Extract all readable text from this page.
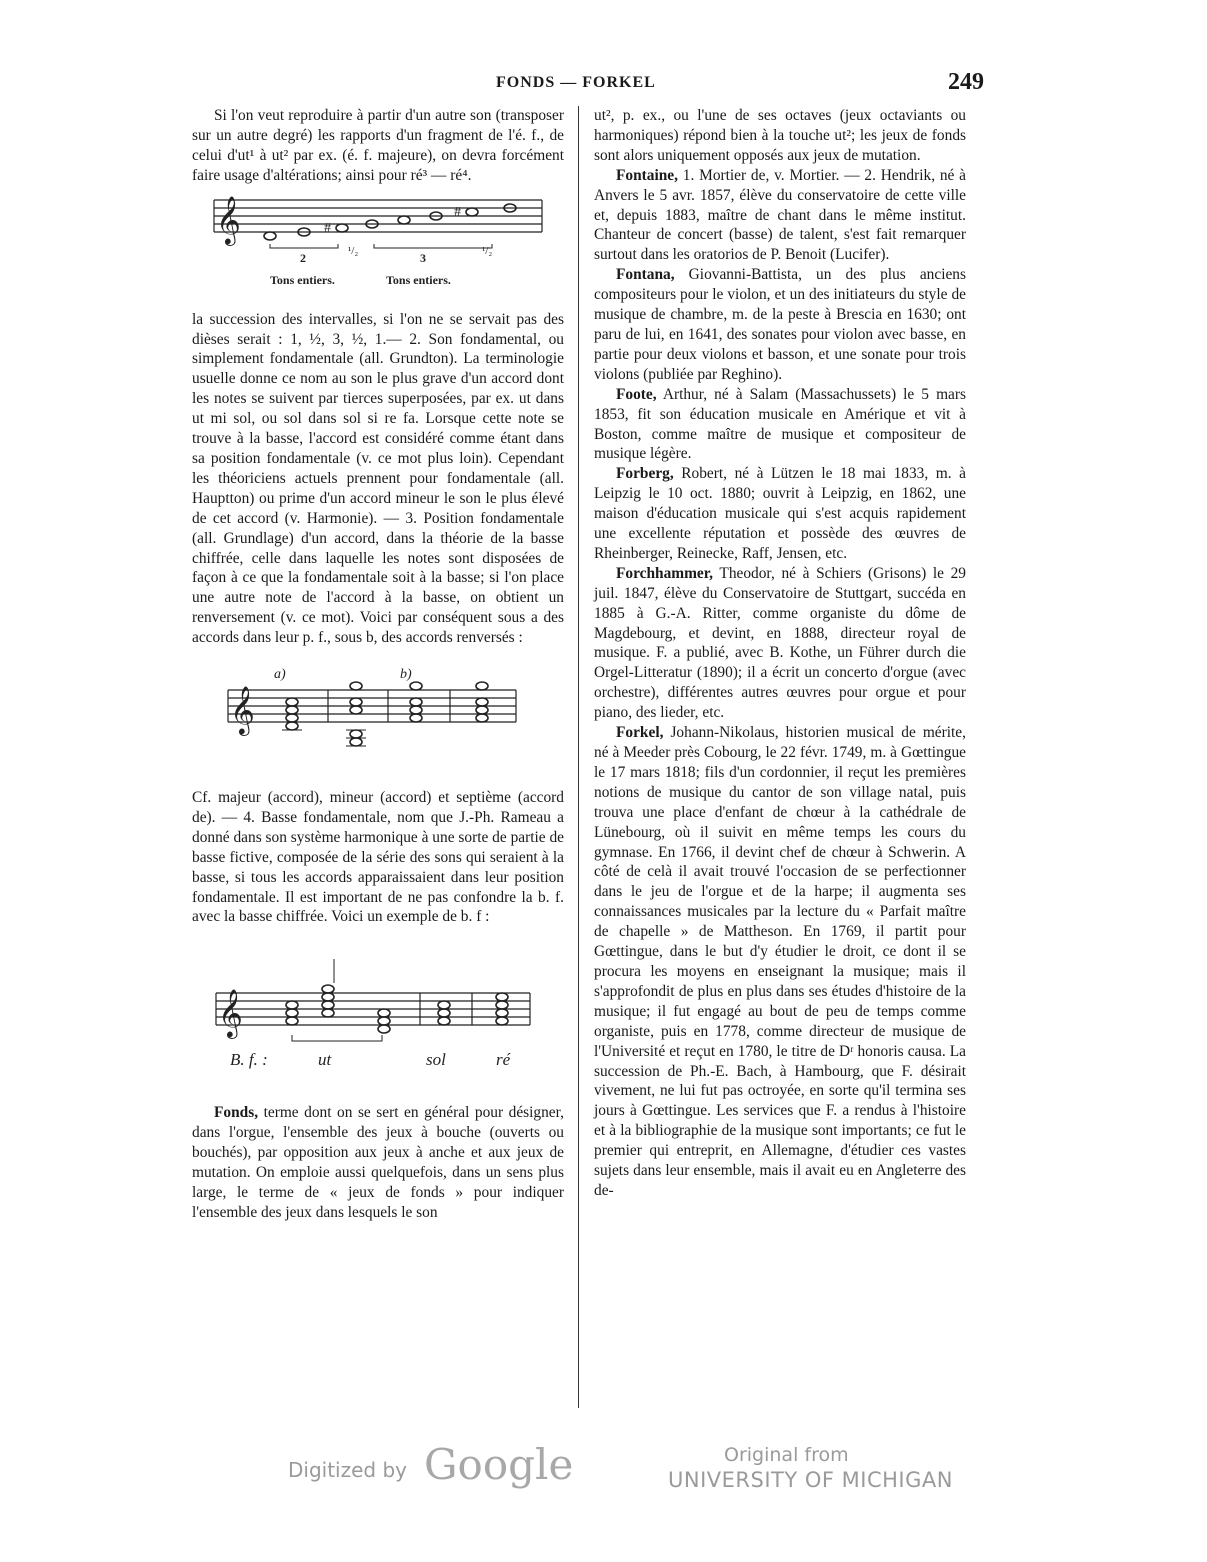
FONDS — FORKEL	249

Si l'on veut reproduire à partir d'un autre son (transposer sur un autre degré) les rapports d'un fragment de l'é. f., de celui d'ut¹ à ut² par ex. (é. f. majeure), on devra forcément faire usage d'altérations; ainsi pour ré³ — ré⁴.

𝄞	#
#
2	¹/₂	3	¹/₂
Tons entiers.	Tons entiers.

la succession des intervalles, si l'on ne se servait pas des dièses serait : 1, ½, 3, ½, 1.— 2. Son fondamental, ou simplement fondamentale (all. Grundton). La terminologie usuelle donne ce nom au son le plus grave d'un accord dont les notes se suivent par tierces superposées, par ex. ut dans ut mi sol, ou sol dans sol si re fa. Lorsque cette note se trouve à la basse, l'accord est considéré comme étant dans sa position fondamentale (v. ce mot plus loin). Cependant les théoriciens actuels prennent pour fondamentale (all. Hauptton) ou prime d'un accord mineur le son le plus élevé de cet accord (v. Harmonie). — 3. Position fondamentale (all. Grundlage) d'un accord, dans la théorie de la basse chiffrée, celle dans laquelle les notes sont disposées de façon à ce que la fondamentale soit à la basse; si l'on place une autre note de l'accord à la basse, on obtient un renversement (v. ce mot). Voici par conséquent sous a des accords dans leur p. f., sous b, des accords renversés :

a)	b)
𝄞

Cf. majeur (accord), mineur (accord) et septième (accord de). — 4. Basse fondamentale, nom que J.-Ph. Rameau a donné dans son système harmonique à une sorte de partie de basse fictive, composée de la série des sons qui seraient à la basse, si tous les accords apparaissaient dans leur position fondamentale. Il est important de ne pas confondre la b. f. avec la basse chiffrée. Voici un exemple de b. f :

𝄞
B. f. :	ut	sol	ré

Fonds, terme dont on se sert en général pour désigner, dans l'orgue, l'ensemble des jeux à bouche (ouverts ou bouchés), par opposition aux jeux à anche et aux jeux de mutation. On emploie aussi quelquefois, dans un sens plus large, le terme de « jeux de fonds » pour indiquer l'ensemble des jeux dans lesquels le son

ut², p. ex., ou l'une de ses octaves (jeux octaviants ou harmoniques) répond bien à la touche ut²; les jeux de fonds sont alors uniquement opposés aux jeux de mutation.

Fontaine, 1. Mortier de, v. Mortier. — 2. Hendrik, né à Anvers le 5 avr. 1857, élève du conservatoire de cette ville et, depuis 1883, maître de chant dans le même institut. Chanteur de concert (basse) de talent, s'est fait remarquer surtout dans les oratorios de P. Benoit (Lucifer).

Fontana, Giovanni-Battista, un des plus anciens compositeurs pour le violon, et un des initiateurs du style de musique de chambre, m. de la peste à Brescia en 1630; ont paru de lui, en 1641, des sonates pour violon avec basse, en partie pour deux violons et basson, et une sonate pour trois violons (publiée par Reghino).

Foote, Arthur, né à Salam (Massachussets) le 5 mars 1853, fit son éducation musicale en Amérique et vit à Boston, comme maître de musique et compositeur de musique légère.

Forberg, Robert, né à Lützen le 18 mai 1833, m. à Leipzig le 10 oct. 1880; ouvrit à Leipzig, en 1862, une maison d'éducation musicale qui s'est acquis rapidement une excellente réputation et possède des œuvres de Rheinberger, Reinecke, Raff, Jensen, etc.

Forchhammer, Theodor, né à Schiers (Grisons) le 29 juil. 1847, élève du Conservatoire de Stuttgart, succéda en 1885 à G.-A. Ritter, comme organiste du dôme de Magdebourg, et devint, en 1888, directeur royal de musique. F. a publié, avec B. Kothe, un Führer durch die Orgel-Litteratur (1890); il a écrit un concerto d'orgue (avec orchestre), différentes autres œuvres pour orgue et pour piano, des lieder, etc.

Forkel, Johann-Nikolaus, historien musical de mérite, né à Meeder près Cobourg, le 22 févr. 1749, m. à Gœttingue le 17 mars 1818; fils d'un cordonnier, il reçut les premières notions de musique du cantor de son village natal, puis trouva une place d'enfant de chœur à la cathédrale de Lünebourg, où il suivit en même temps les cours du gymnase. En 1766, il devint chef de chœur à Schwerin. A côté de celà il avait trouvé l'occasion de se perfectionner dans le jeu de l'orgue et de la harpe; il augmenta ses connaissances musicales par la lecture du « Parfait maître de chapelle » de Mattheson. En 1769, il partit pour Gœttingue, dans le but d'y étudier le droit, ce dont il se procura les moyens en enseignant la musique; mais il s'approfondit de plus en plus dans ses études d'histoire de la musique; il fut engagé au bout de peu de temps comme organiste, puis en 1778, comme directeur de musique de l'Université et reçut en 1780, le titre de Dʳ honoris causa. La succession de Ph.-E. Bach, à Hambourg, que F. désirait vivement, ne lui fut pas octroyée, en sorte qu'il termina ses jours à Gœttingue. Les services que F. a rendus à l'histoire et à la bibliographie de la musique sont importants; ce fut le premier qui entreprit, en Allemagne, d'étudier ces vastes sujets dans leur ensemble, mais il avait eu en Angleterre des de-

Digitized by Google	Original from
UNIVERSITY OF MICHIGAN
